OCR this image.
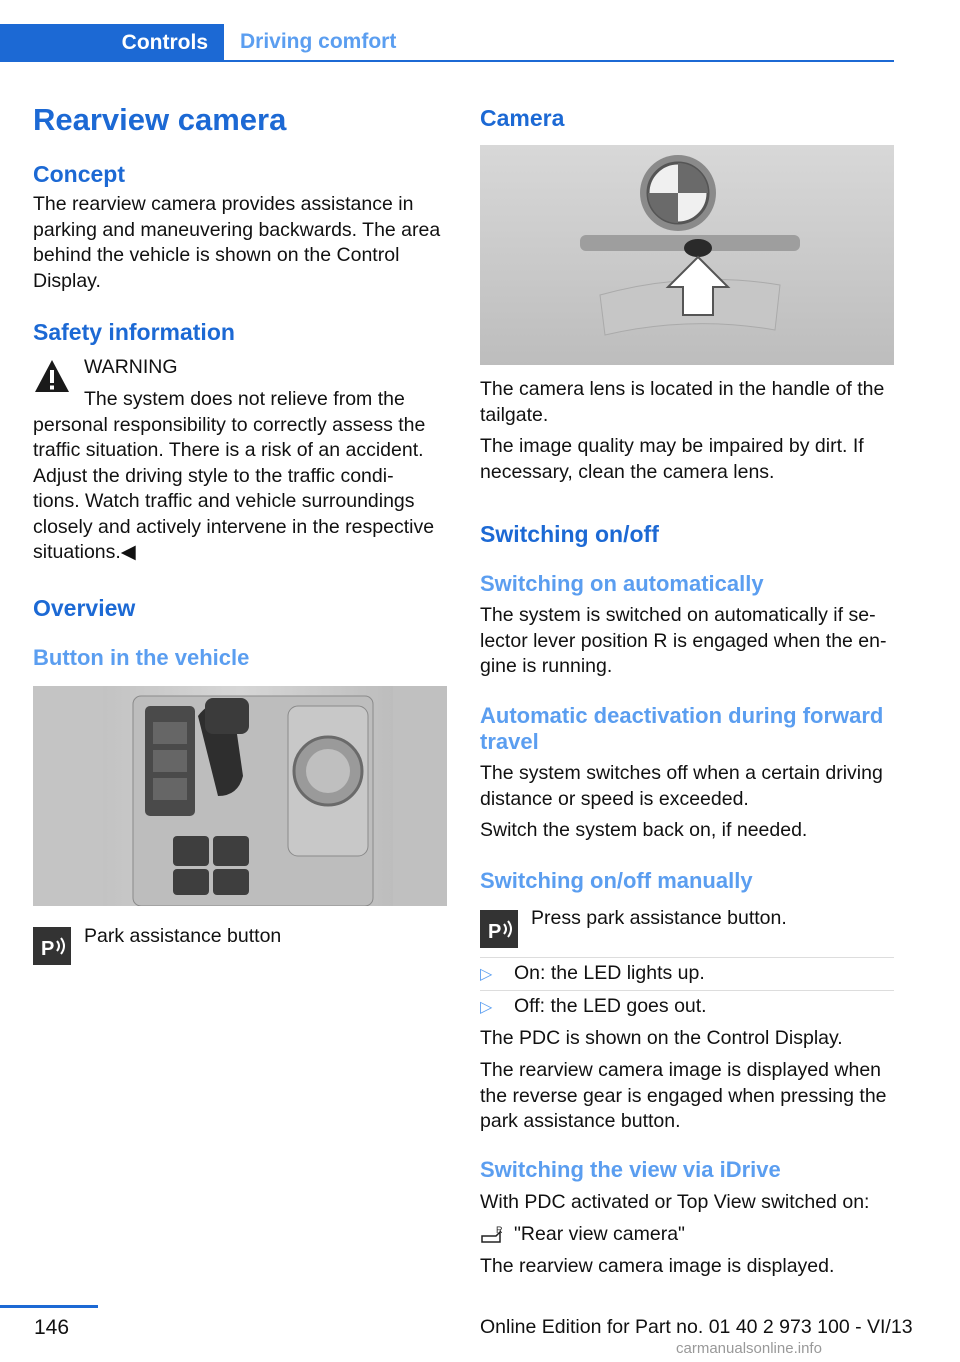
Controls	Driving comfort
Rearview camera
Concept
The rearview camera provides assistance in
parking and maneuvering backwards. The area
behind the vehicle is shown on the Control
Display.
Safety information
WARNING
The system does not relieve from the
personal responsibility to correctly assess the
traffic situation. There is a risk of an accident.
Adjust the driving style to the traffic condi‐
tions. Watch traffic and vehicle surroundings
closely and actively intervene in the respective
situations.◀
Overview
Button in the vehicle
P
Park assistance button
Camera
The camera lens is located in the handle of the
tailgate.
The image quality may be impaired by dirt. If
necessary, clean the camera lens.
Switching on/off
Switching on automatically
The system is switched on automatically if se‐
lector lever position R is engaged when the en‐
gine is running.
Automatic deactivation during forward
travel
The system switches off when a certain driving
distance or speed is exceeded.
Switch the system back on, if needed.
Switching on/off manually
P
Press park assistance button.
▷ On: the LED lights up.
▷ Off: the LED goes out.
The PDC is shown on the Control Display.
The rearview camera image is displayed when
the reverse gear is engaged when pressing the
park assistance button.
Switching the view via iDrive
With PDC activated or Top View switched on:
R "Rear view camera"
The rearview camera image is displayed.
146	Online Edition for Part no. 01 40 2 973 100 - VI/13
carmanualsonline.info
